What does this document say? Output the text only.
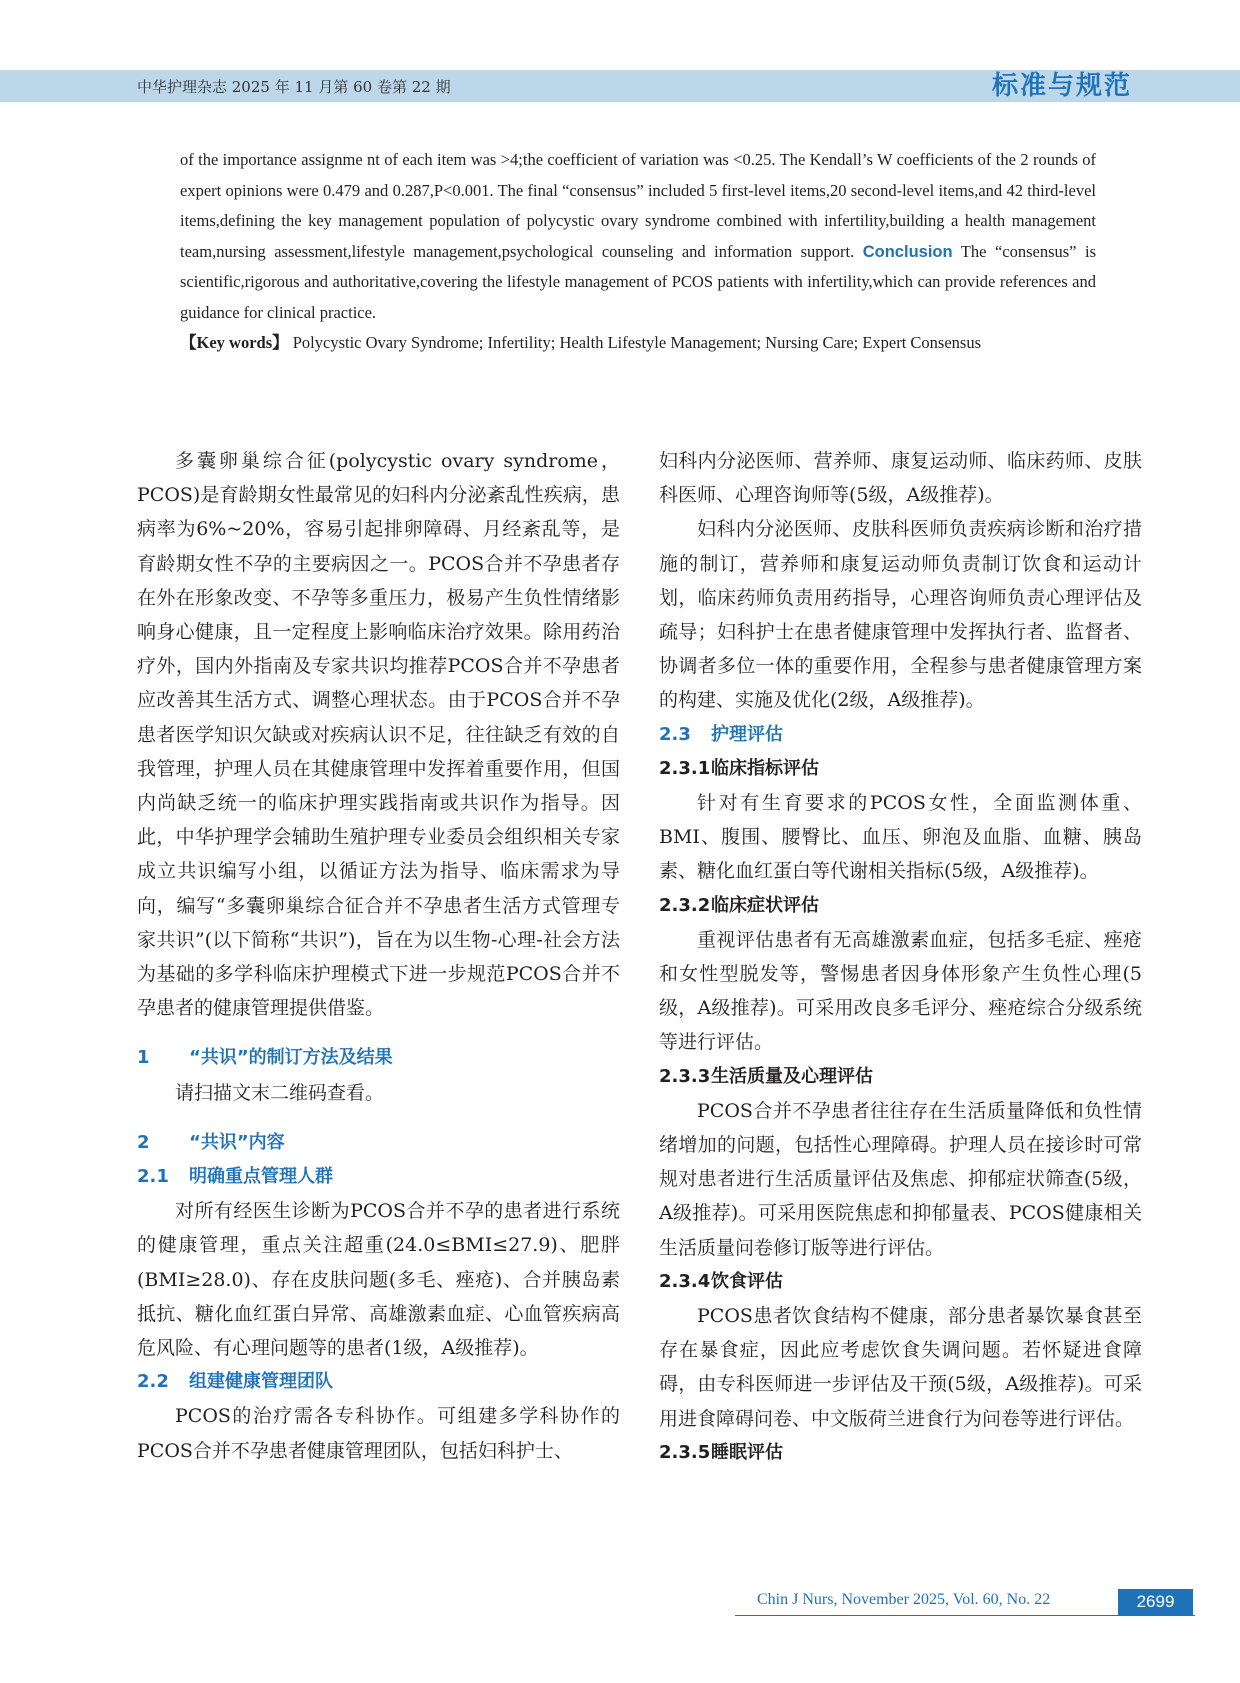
中华护理杂志 2025 年 11 月第 60 卷第 22 期	标准与规范

of the importance assignme nt of each item was >4;the coefficient of variation was <0.25. The Kendall’s W coefficients of the 2 rounds of expert opinions were 0.479 and 0.287,P<0.001. The final “consensus” included 5 first-level items,20 second-level items,and 42 third-level items,defining the key management population of polycystic ovary syndrome combined with infertility,building a health management team,nursing assessment,lifestyle management,psychological counseling and information support. Conclusion The “consensus” is scientific,rigorous and authoritative,covering the lifestyle management of PCOS patients with infertility,which can provide references and guidance for clinical practice.

【Key words】 Polycystic Ovary Syndrome; Infertility; Health Lifestyle Management; Nursing Care; Expert Consensus

多囊卵巢综合征(polycystic ovary syndrome，PCOS)是育龄期女性最常见的妇科内分泌紊乱性疾病，患病率为6%~20%，容易引起排卵障碍、月经紊乱等，是育龄期女性不孕的主要病因之一。PCOS合并不孕患者存在外在形象改变、不孕等多重压力，极易产生负性情绪影响身心健康，且一定程度上影响临床治疗效果。除用药治疗外，国内外指南及专家共识均推荐PCOS合并不孕患者应改善其生活方式、调整心理状态。由于PCOS合并不孕患者医学知识欠缺或对疾病认识不足，往往缺乏有效的自我管理，护理人员在其健康管理中发挥着重要作用，但国内尚缺乏统一的临床护理实践指南或共识作为指导。因此，中华护理学会辅助生殖护理专业委员会组织相关专家成立共识编写小组，以循证方法为指导、临床需求为导向，编写“多囊卵巢综合征合并不孕患者生活方式管理专家共识”(以下简称“共识”)，旨在为以生物-心理-社会方法为基础的多学科临床护理模式下进一步规范PCOS合并不孕患者的健康管理提供借鉴。

1 “共识”的制订方法及结果

请扫描文末二维码查看。

2 “共识”内容

2.1 明确重点管理人群

对所有经医生诊断为PCOS合并不孕的患者进行系统的健康管理，重点关注超重(24.0≤BMI≤27.9)、肥胖(BMI≥28.0)、存在皮肤问题(多毛、痤疮)、合并胰岛素抵抗、糖化血红蛋白异常、高雄激素血症、心血管疾病高危风险、有心理问题等的患者(1级，A级推荐)。

2.2 组建健康管理团队

PCOS的治疗需各专科协作。可组建多学科协作的PCOS合并不孕患者健康管理团队，包括妇科护士、

妇科内分泌医师、营养师、康复运动师、临床药师、皮肤科医师、心理咨询师等(5级，A级推荐)。

妇科内分泌医师、皮肤科医师负责疾病诊断和治疗措施的制订，营养师和康复运动师负责制订饮食和运动计划，临床药师负责用药指导，心理咨询师负责心理评估及疏导；妇科护士在患者健康管理中发挥执行者、监督者、协调者多位一体的重要作用，全程参与患者健康管理方案的构建、实施及优化(2级，A级推荐)。

2.3 护理评估

2.3.1临床指标评估

针对有生育要求的PCOS女性，全面监测体重、BMI、腹围、腰臀比、血压、卵泡及血脂、血糖、胰岛素、糖化血红蛋白等代谢相关指标(5级，A级推荐)。

2.3.2临床症状评估

重视评估患者有无高雄激素血症，包括多毛症、痤疮和女性型脱发等，警惕患者因身体形象产生负性心理(5级，A级推荐)。可采用改良多毛评分、痤疮综合分级系统等进行评估。

2.3.3生活质量及心理评估

PCOS合并不孕患者往往存在生活质量降低和负性情绪增加的问题，包括性心理障碍。护理人员在接诊时可常规对患者进行生活质量评估及焦虑、抑郁症状筛查(5级，A级推荐)。可采用医院焦虑和抑郁量表、PCOS健康相关生活质量问卷修订版等进行评估。

2.3.4饮食评估

PCOS患者饮食结构不健康，部分患者暴饮暴食甚至存在暴食症，因此应考虑饮食失调问题。若怀疑进食障碍，由专科医师进一步评估及干预(5级，A级推荐)。可采用进食障碍问卷、中文版荷兰进食行为问卷等进行评估。

2.3.5睡眠评估

Chin J Nurs, November 2025, Vol. 60, No. 22	2699
